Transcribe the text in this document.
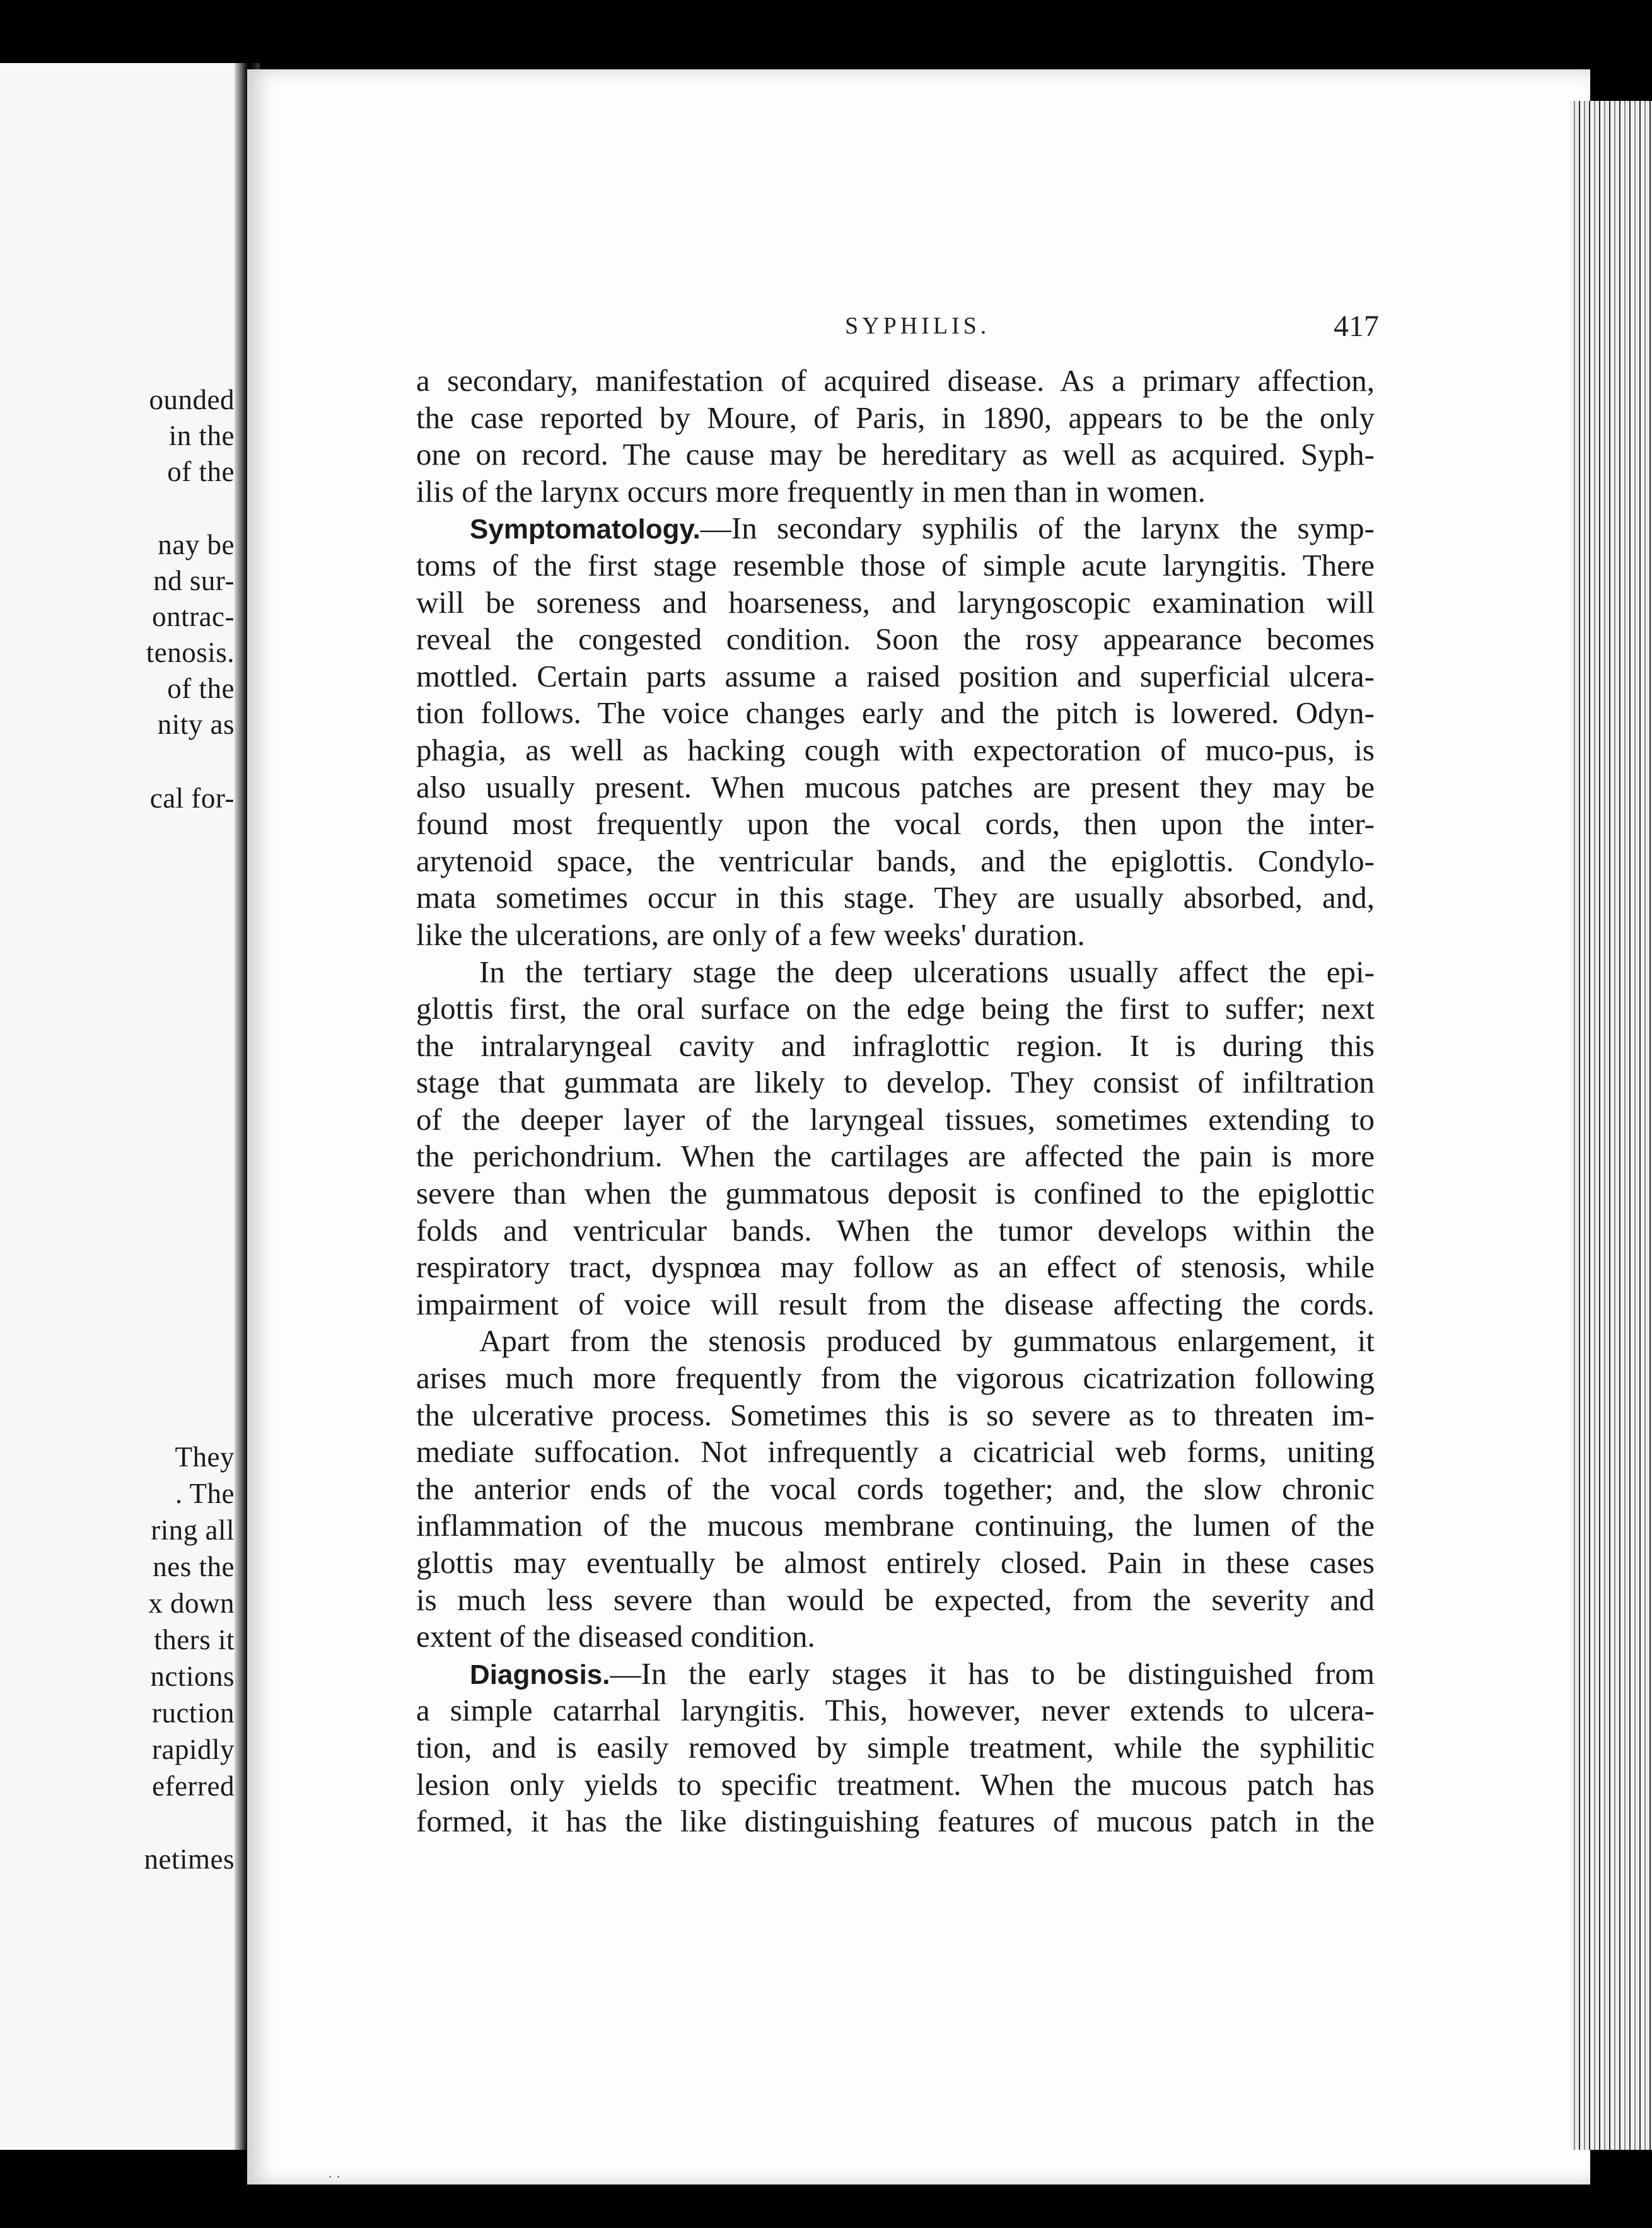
ounded
in the
of the
nay be
nd sur-
ontrac-
tenosis.
of the
nity as
cal for-
They
. The
ring all
nes the
x down
thers it
nctions
ruction
rapidly
eferred
netimes
SYPHILIS.	417
a secondary, manifestation of acquired disease. As a primary affection,
the case reported by Moure, of Paris, in 1890, appears to be the only
one on record. The cause may be hereditary as well as acquired. Syph-
ilis of the larynx occurs more frequently in men than in women.
Symptomatology.—In secondary syphilis of the larynx the symp-
toms of the first stage resemble those of simple acute laryngitis. There
will be soreness and hoarseness, and laryngoscopic examination will
reveal the congested condition. Soon the rosy appearance becomes
mottled. Certain parts assume a raised position and superficial ulcera-
tion follows. The voice changes early and the pitch is lowered. Odyn-
phagia, as well as hacking cough with expectoration of muco-pus, is
also usually present. When mucous patches are present they may be
found most frequently upon the vocal cords, then upon the inter-
arytenoid space, the ventricular bands, and the epiglottis. Condylo-
mata sometimes occur in this stage. They are usually absorbed, and,
like the ulcerations, are only of a few weeks' duration.
In the tertiary stage the deep ulcerations usually affect the epi-
glottis first, the oral surface on the edge being the first to suffer; next
the intralaryngeal cavity and infraglottic region. It is during this
stage that gummata are likely to develop. They consist of infiltration
of the deeper layer of the laryngeal tissues, sometimes extending to
the perichondrium. When the cartilages are affected the pain is more
severe than when the gummatous deposit is confined to the epiglottic
folds and ventricular bands. When the tumor develops within the
respiratory tract, dyspnœa may follow as an effect of stenosis, while
impairment of voice will result from the disease affecting the cords.
Apart from the stenosis produced by gummatous enlargement, it
arises much more frequently from the vigorous cicatrization following
the ulcerative process. Sometimes this is so severe as to threaten im-
mediate suffocation. Not infrequently a cicatricial web forms, uniting
the anterior ends of the vocal cords together; and, the slow chronic
inflammation of the mucous membrane continuing, the lumen of the
glottis may eventually be almost entirely closed. Pain in these cases
is much less severe than would be expected, from the severity and
extent of the diseased condition.
Diagnosis.—In the early stages it has to be distinguished from
a simple catarrhal laryngitis. This, however, never extends to ulcera-
tion, and is easily removed by simple treatment, while the syphilitic
lesion only yields to specific treatment. When the mucous patch has
formed, it has the like distinguishing features of mucous patch in the
· ·
